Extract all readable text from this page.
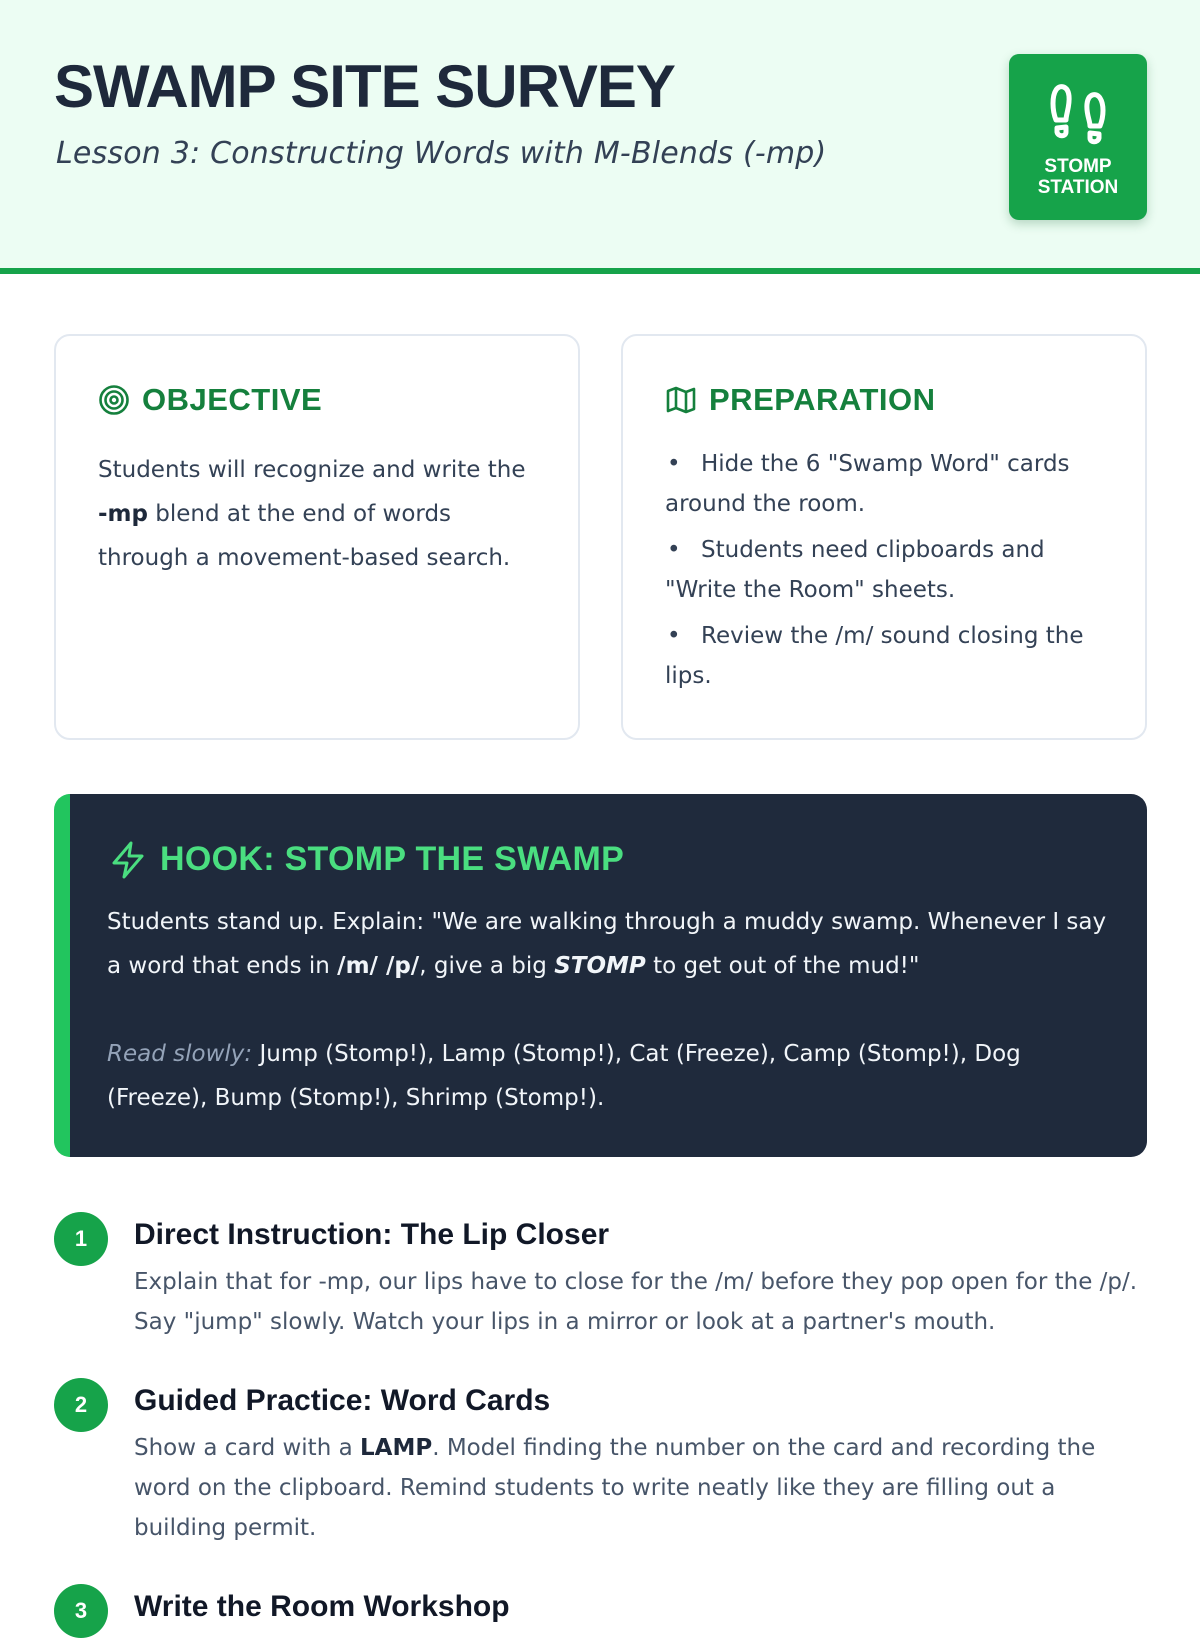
SWAMP SITE SURVEY
Lesson 3: Constructing Words with M-Blends (-mp)	STOMP
STATION
OBJECTIVE

Students will recognize and write the -mp blend at the end of words through a movement-based search.

PREPARATION
• Hide the 6 "Swamp Word" cards around the room.
• Students need clipboards and "Write the Room" sheets.
• Review the /m/ sound closing the lips.
HOOK: STOMP THE SWAMP

Students stand up. Explain: "We are walking through a muddy swamp. Whenever I say a word that ends in /m/ /p/, give a big STOMP to get out of the mud!"

Read slowly: Jump (Stomp!), Lamp (Stomp!), Cat (Freeze), Camp (Stomp!), Dog (Freeze), Bump (Stomp!), Shrimp (Stomp!).

1	Direct Instruction: The Lip Closer

Explain that for -mp, our lips have to close for the /m/ before they pop open for the /p/. Say "jump" slowly. Watch your lips in a mirror or look at a partner's mouth.

2	Guided Practice: Word Cards

Show a card with a LAMP. Model finding the number on the card and recording the word on the clipboard. Remind students to write neatly like they are filling out a building permit.

3	Write the Room Workshop
